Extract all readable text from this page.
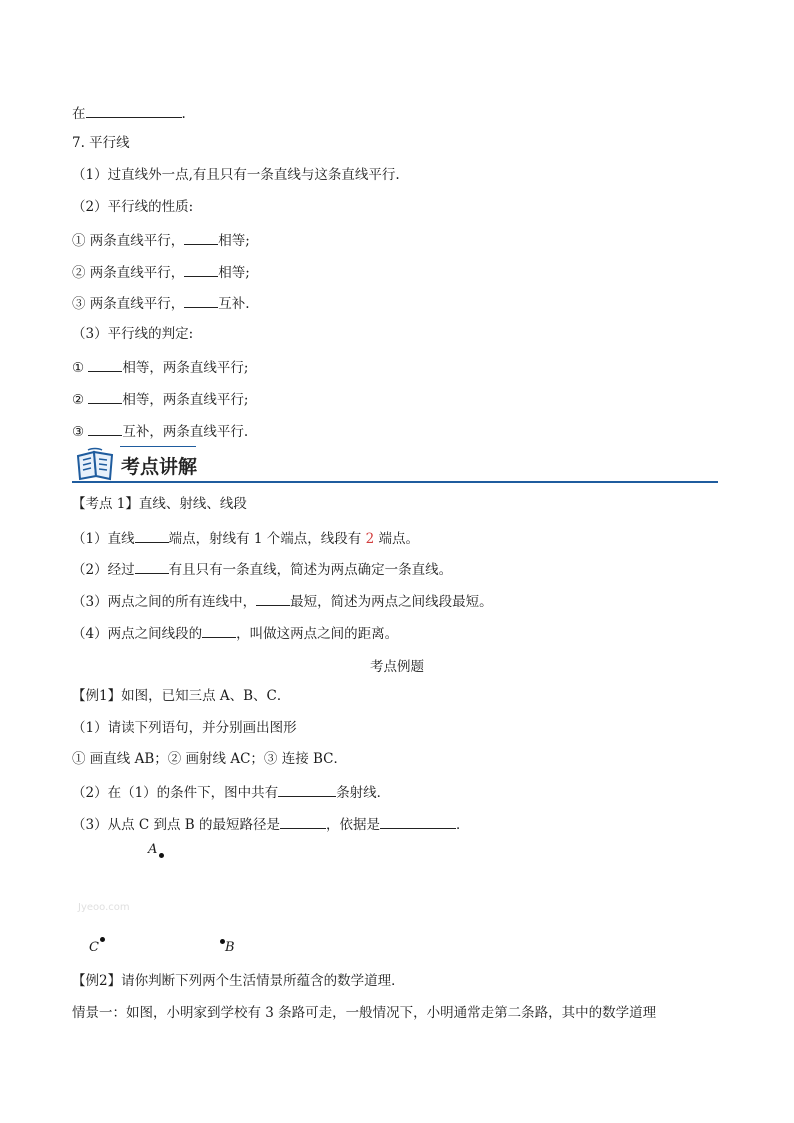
在	.
7. 平行线
（1）过直线外一点,有且只有一条直线与这条直线平行.
（2）平行线的性质:
① 两条直线平行，	相等;
② 两条直线平行，	相等;
③ 两条直线平行，	互补.
（3）平行线的判定:
①	相等，两条直线平行;
②	相等，两条直线平行;
③	互补，两条直线平行.
考点讲解
【考点 1】直线、射线、线段
（1）直线	端点，射线有 1 个端点，线段有 2 端点。
（2）经过	有且只有一条直线，简述为两点确定一条直线。
（3）两点之间的所有连线中，	最短，简述为两点之间线段最短。
（4）两点之间线段的	，叫做这两点之间的距离。
考点例题
【例1】如图，已知三点 A、B、C．
（1）请读下列语句，并分别画出图形
① 画直线 AB；② 画射线 AC；③ 连接 BC．
（2）在（1）的条件下，图中共有	条射线．
（3）从点 C 到点 B 的最短路径是	，依据是	．
A
Jyeoo.com
C	B
【例2】请你判断下列两个生活情景所蕴含的数学道理．
情景一：如图，小明家到学校有 3 条路可走，一般情况下，小明通常走第二条路，其中的数学道理
